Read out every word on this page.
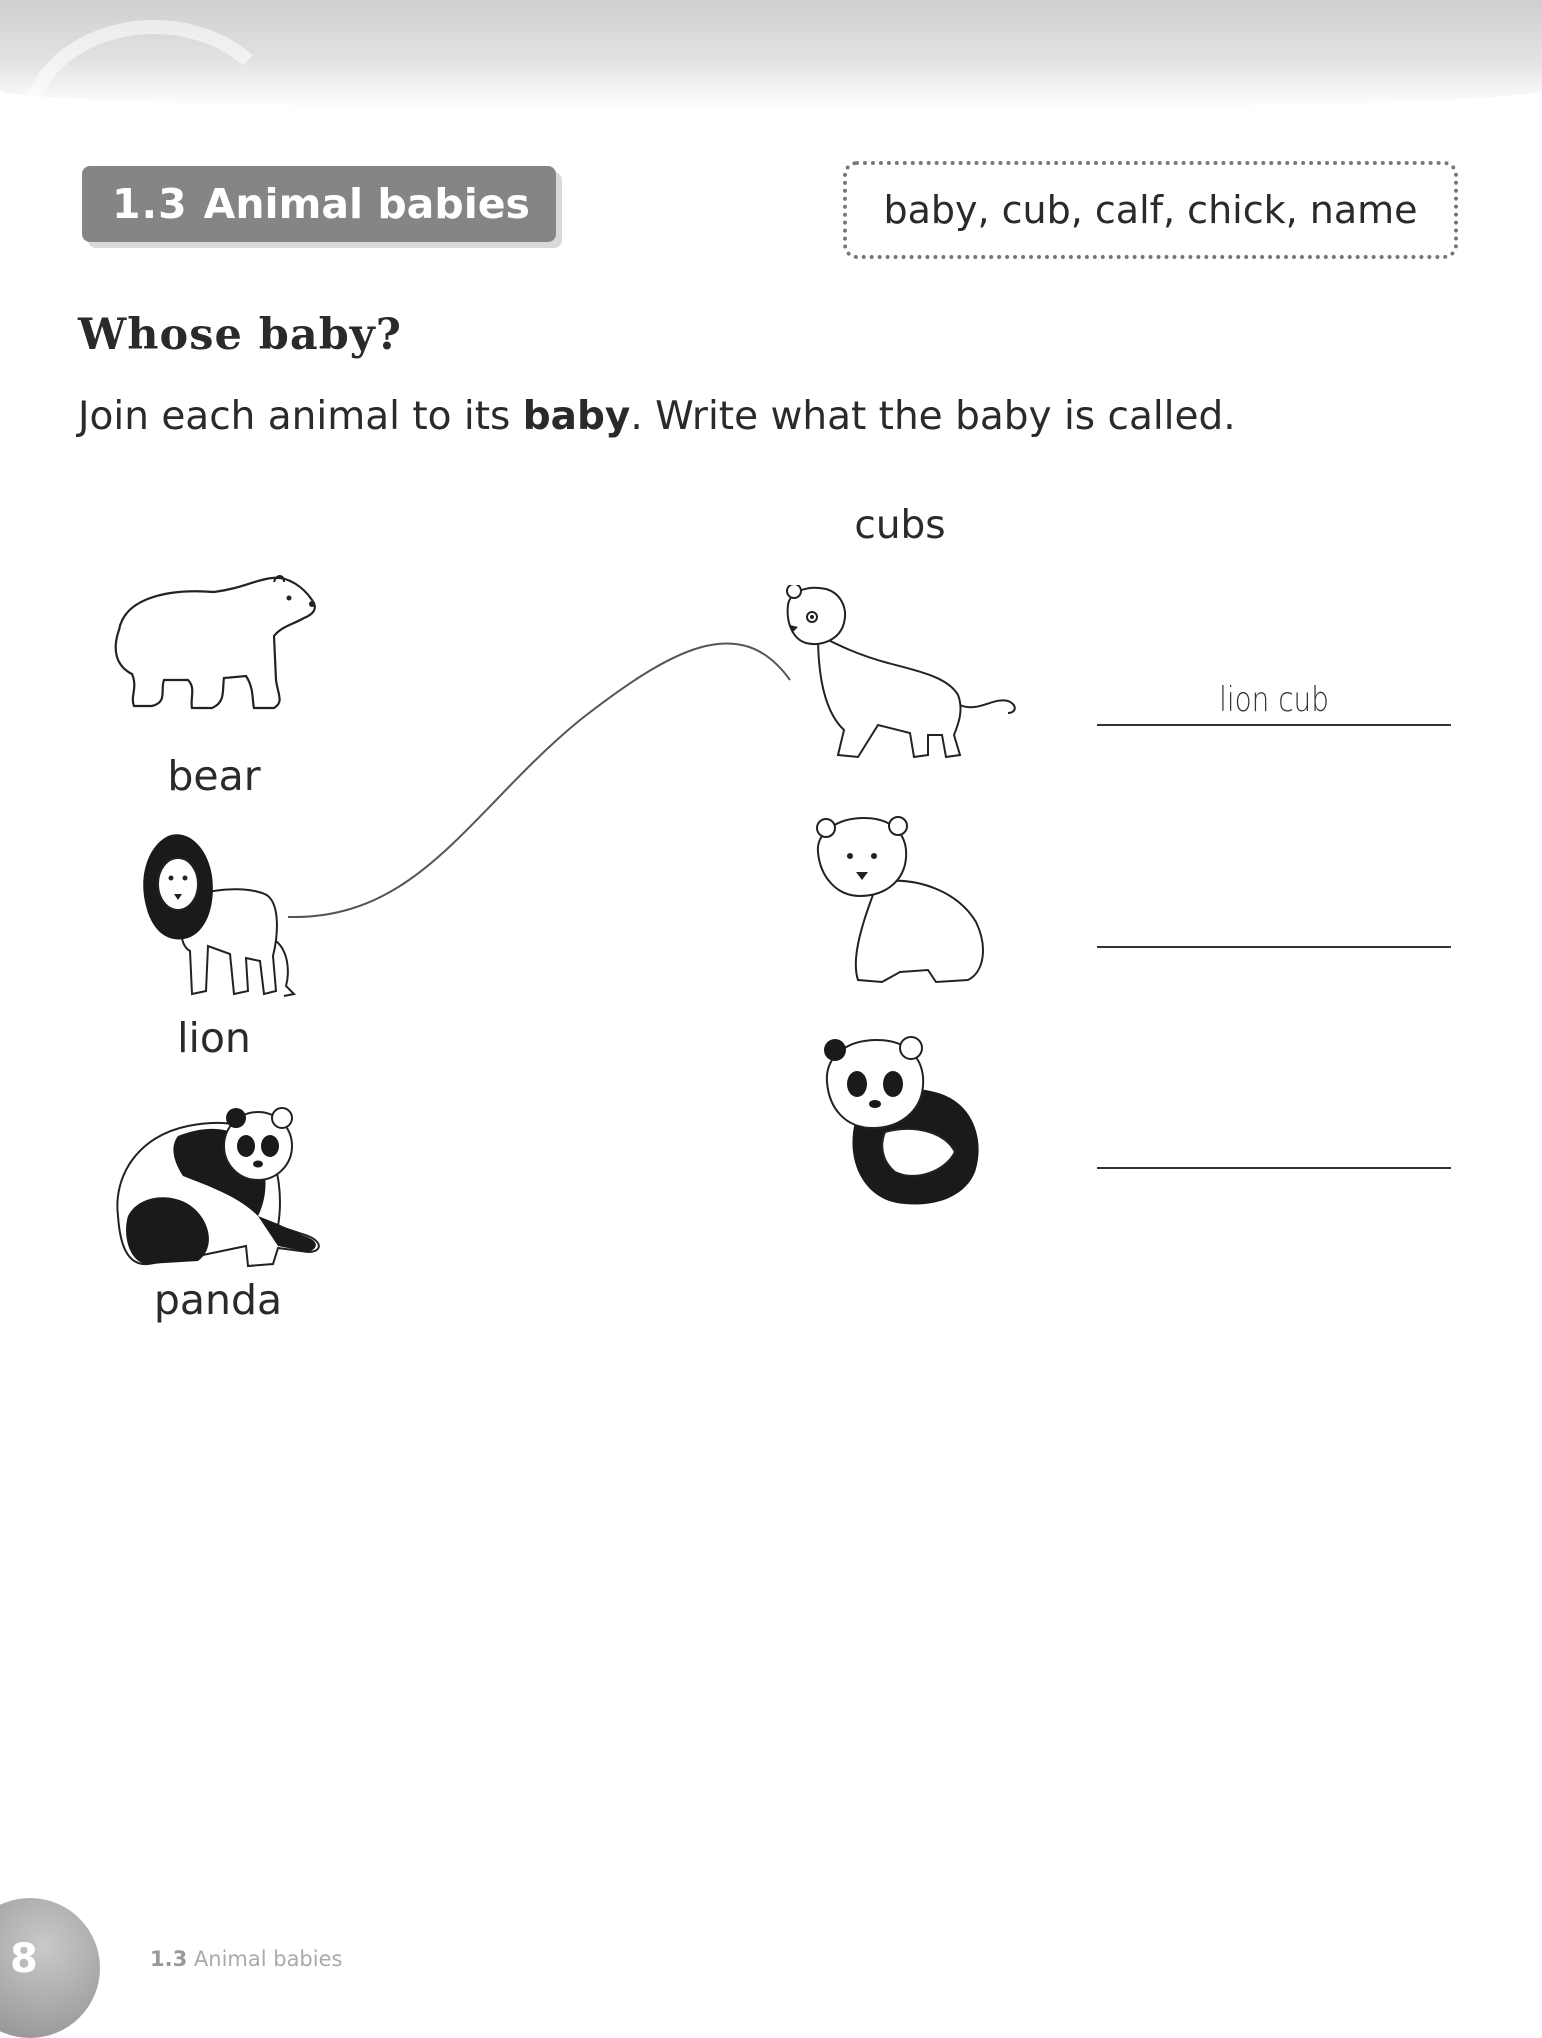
1.3 Animal babies	baby, cub, calf, chick, name
Whose baby?
Join each animal to its baby. Write what the baby is called.
cubs
bear
lion
panda
lion cub
8	1.3 Animal babies
